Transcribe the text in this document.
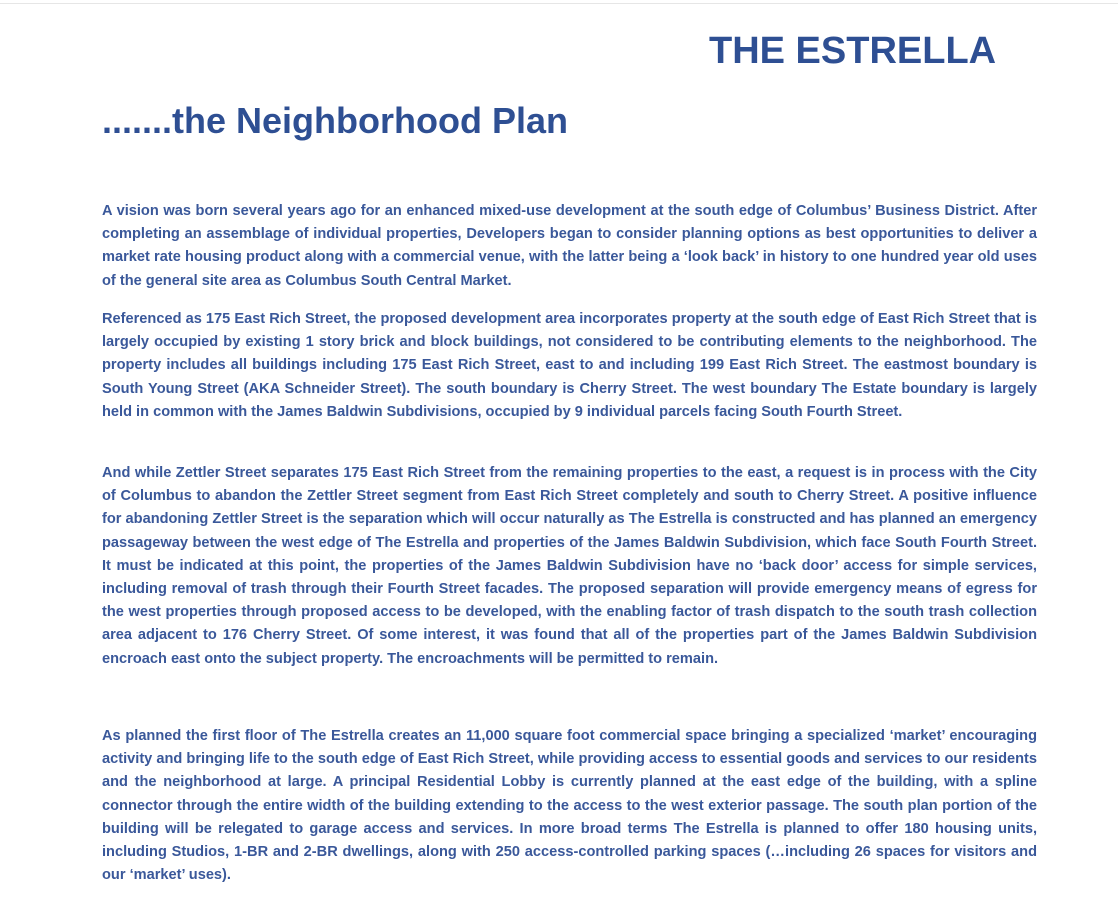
THE ESTRELLA
.......the Neighborhood Plan

A vision was born several years ago for an enhanced mixed-use development at the south edge of Columbus’ Business District. After completing an assemblage of individual properties, Developers began to consider planning options as best opportunities to deliver a market rate housing product along with a commercial venue, with the latter being a ‘look back’ in history to one hundred year old uses of the general site area as Columbus South Central Market.

Referenced as 175 East Rich Street, the proposed development area incorporates property at the south edge of East Rich Street that is largely occupied by existing 1 story brick and block buildings, not considered to be contributing elements to the neighborhood. The property includes all buildings including 175 East Rich Street, east to and including 199 East Rich Street. The eastmost boundary is South Young Street (AKA Schneider Street). The south boundary is Cherry Street. The west boundary The Estate boundary is largely held in common with the James Baldwin Subdivisions, occupied by 9 individual parcels facing South Fourth Street.

And while Zettler Street separates 175 East Rich Street from the remaining properties to the east, a request is in process with the City of Columbus to abandon the Zettler Street segment from East Rich Street completely and south to Cherry Street. A positive influence for abandoning Zettler Street is the separation which will occur naturally as The Estrella is constructed and has planned an emergency passageway between the west edge of The Estrella and properties of the James Baldwin Subdivision, which face South Fourth Street. It must be indicated at this point, the properties of the James Baldwin Subdivision have no ‘back door’ access for simple services, including removal of trash through their Fourth Street facades. The proposed separation will provide emergency means of egress for the west properties through proposed access to be developed, with the enabling factor of trash dispatch to the south trash collection area adjacent to 176 Cherry Street. Of some interest, it was found that all of the properties part of the James Baldwin Subdivision encroach east onto the subject property. The encroachments will be permitted to remain.

As planned the first floor of The Estrella creates an 11,000 square foot commercial space bringing a specialized ‘market’ encouraging activity and bringing life to the south edge of East Rich Street, while providing access to essential goods and services to our residents and the neighborhood at large. A principal Residential Lobby is currently planned at the east edge of the building, with a spline connector through the entire width of the building extending to the access to the west exterior passage. The south plan portion of the building will be relegated to garage access and services. In more broad terms The Estrella is planned to offer 180 housing units, including Studios, 1-BR and 2-BR dwellings, along with 250 access-controlled parking spaces (…including 26 spaces for visitors and our ‘market’ uses).
